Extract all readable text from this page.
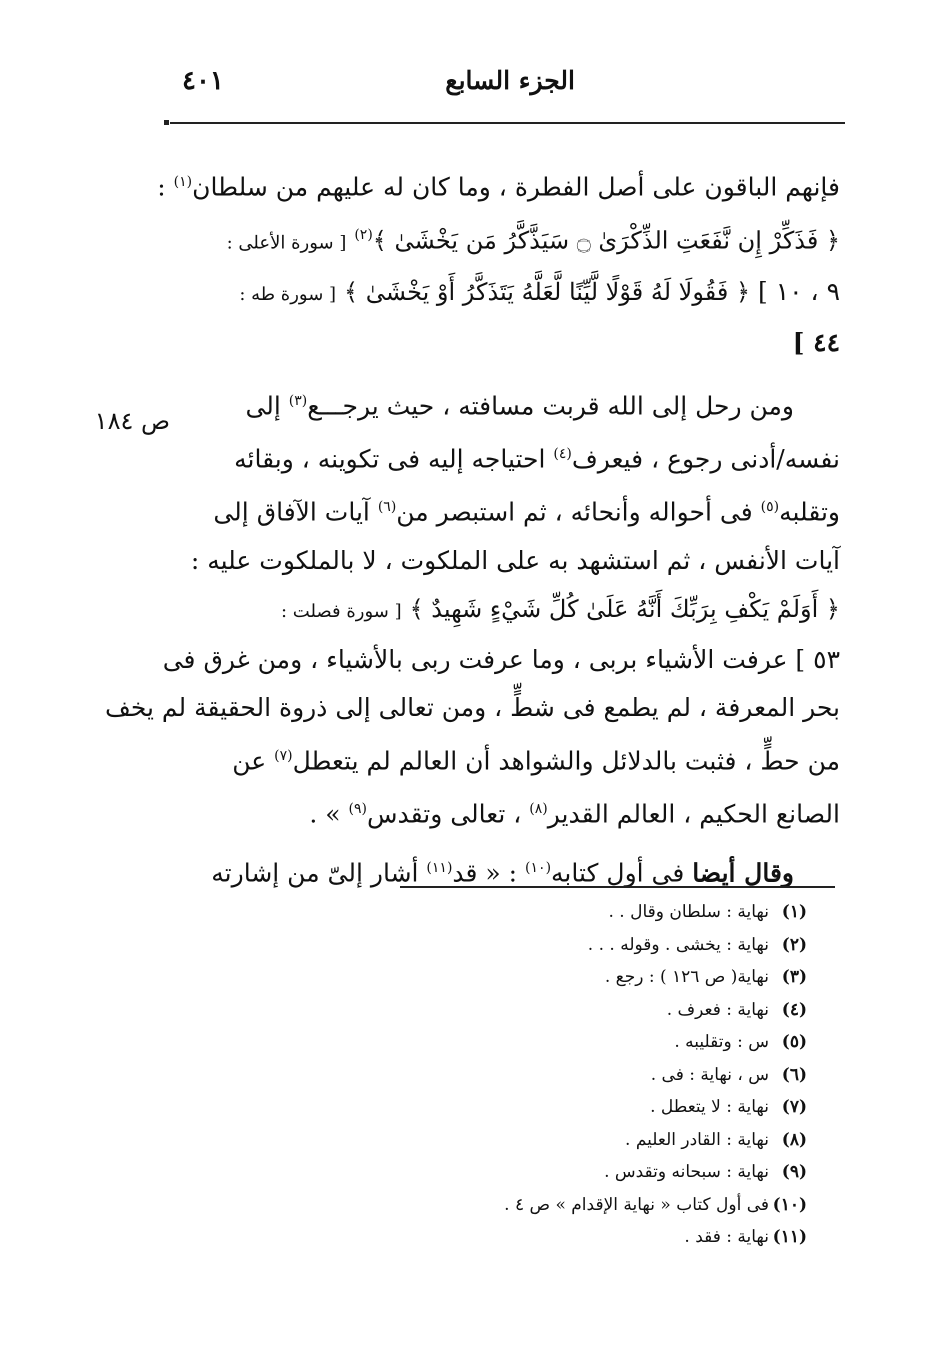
الجزء السابع
٤٠١
ص ١٨٤
فإنهم الباقون على أصل الفطرة ، وما كان له عليهم من سلطان$^{(١)}$ :
﴿ فَذَكِّرْ إِن نَّفَعَتِ الذِّكْرَىٰ ۝ سَيَذَّكَّرُ مَن يَخْشَىٰ ﴾$^{(٢)}$ [ سورة الأعلى :
٩ ، ١٠ ] ﴿ فَقُولَا لَهُ قَوْلًا لَّيِّنًا لَّعَلَّهُ يَتَذَكَّرُ أَوْ يَخْشَىٰ ﴾ [ سورة طه :
٤٤ ]
ومن رحل إلى الله قربت مسافته ، حيث يرجـــع$^{(٣)}$ إلى
نفسه/أدنى رجوع ، فيعرف$^{(٤)}$ احتياجه إليه فى تكوينه ، وبقائه
وتقلبه$^{(٥)}$ فى أحواله وأنحائه ، ثم استبصر من$^{(٦)}$ آيات الآفاق إلى
آيات الأنفس ، ثم استشهد به على الملكوت ، لا بالملكوت عليه :
﴿ أَوَلَمْ يَكْفِ بِرَبِّكَ أَنَّهُ عَلَىٰ كُلِّ شَيْءٍ شَهِيدٌ ﴾ [ سورة فصلت :
٥٣ ] عرفت الأشياء بربى ، وما عرفت ربى بالأشياء ، ومن غرق فى
بحر المعرفة ، لم يطمع فى شطٍّ ، ومن تعالى إلى ذروة الحقيقة لم يخف
من حطٍّ ، فثبت بالدلائل والشواهد أن العالم لم يتعطل$^{(٧)}$ عن
الصانع الحكيم ، العالم القدير$^{(٨)}$ ، تعالى وتقدس$^{(٩)}$ » .
وقال أيضا فى أول كتابه$^{(١٠)}$ : « قد$^{(١١)}$ أشار إلىّ من إشارته
(١)نهاية : سلطان وقال . .
(٢)نهاية : يخشى . وقوله . . .
(٣)نهاية( ص ١٢٦ ) : رجع .
(٤)نهاية : فعرف .
(٥)س : وتقليبه .
(٦)س ، نهاية : فى .
(٧)نهاية : لا يتعطل .
(٨)نهاية : القادر العليم .
(٩)نهاية : سبحانه وتقدس .
(١٠)فى أول كتاب « نهاية الإقدام » ص ٤ .
(١١)نهاية : فقد .
